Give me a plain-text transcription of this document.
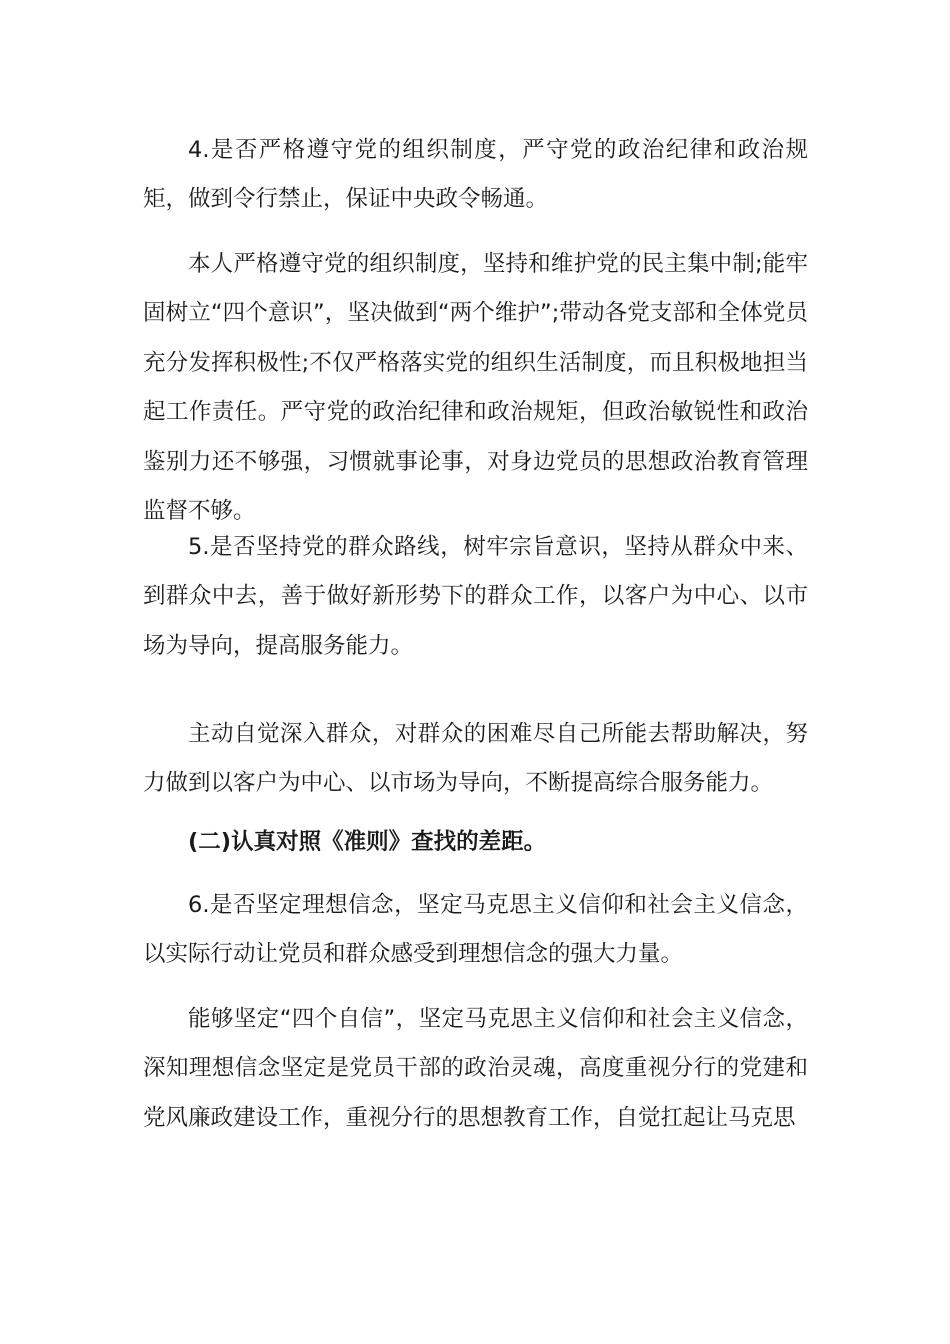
4.是否严格遵守党的组织制度，严守党的政治纪律和政治规矩，做到令行禁止，保证中央政令畅通。

本人严格遵守党的组织制度，坚持和维护党的民主集中制;能牢固树立“四个意识”，坚决做到“两个维护”;带动各党支部和全体党员充分发挥积极性;不仅严格落实党的组织生活制度，而且积极地担当起工作责任。严守党的政治纪律和政治规矩，但政治敏锐性和政治鉴别力还不够强，习惯就事论事，对身边党员的思想政治教育管理监督不够。

5.是否坚持党的群众路线，树牢宗旨意识，坚持从群众中来、到群众中去，善于做好新形势下的群众工作，以客户为中心、以市场为导向，提高服务能力。

主动自觉深入群众，对群众的困难尽自己所能去帮助解决，努力做到以客户为中心、以市场为导向，不断提高综合服务能力。

(二)认真对照《准则》查找的差距。

6.是否坚定理想信念，坚定马克思主义信仰和社会主义信念，以实际行动让党员和群众感受到理想信念的强大力量。

能够坚定“四个自信”，坚定马克思主义信仰和社会主义信念，深知理想信念坚定是党员干部的政治灵魂，高度重视分行的党建和党风廉政建设工作，重视分行的思想教育工作，自觉扛起让马克思
